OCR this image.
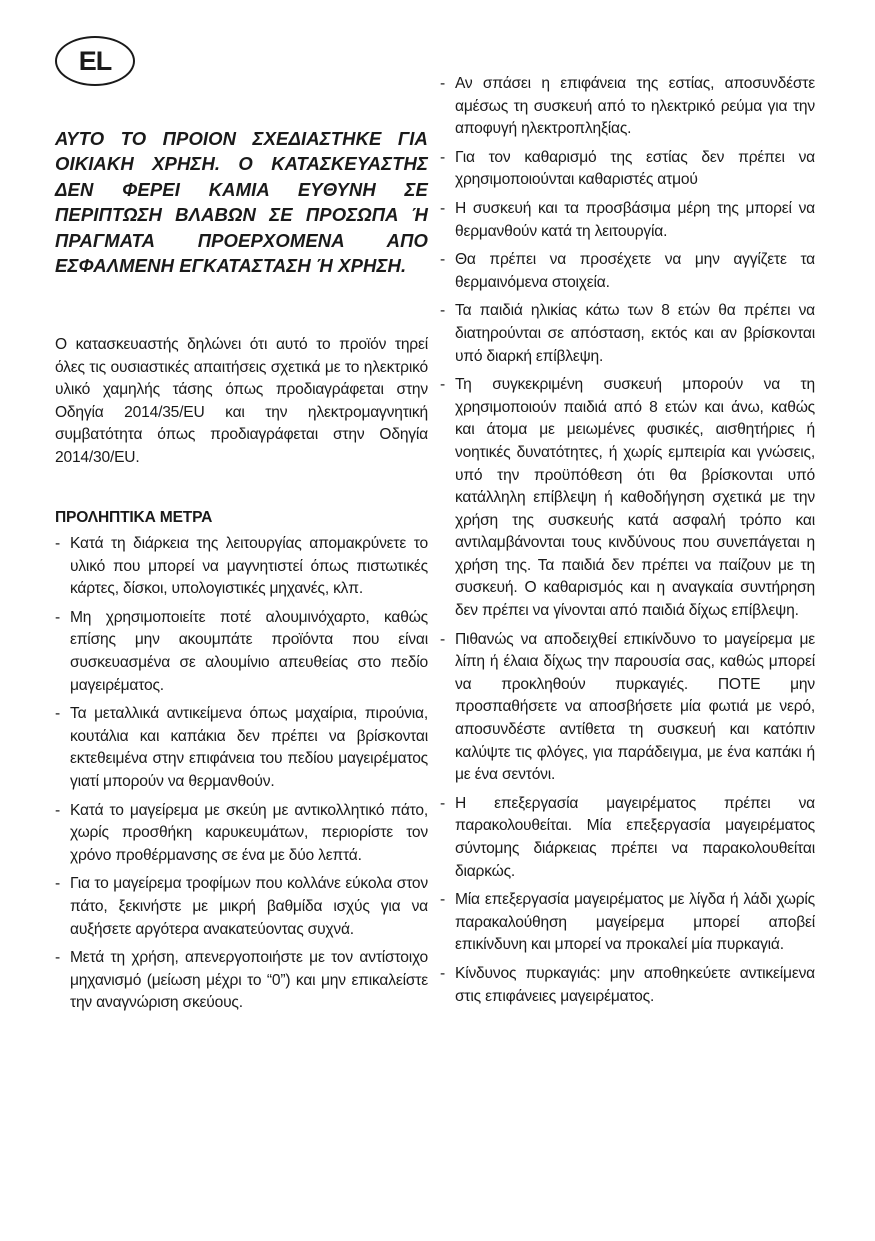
EL

ΑΥΤΟ ΤΟ ΠΡΟΙΟΝ ΣΧΕΔΙΑΣΤΗΚΕ ΓΙΑ ΟΙΚΙΑΚΗ ΧΡΗΣΗ. Ο ΚΑΤΑΣΚΕΥΑΣΤΗΣ ΔΕΝ ΦΕΡΕΙ ΚΑΜΙΑ ΕΥΘΥΝΗ ΣΕ ΠΕΡΙΠΤΩΣΗ ΒΛΑΒΩΝ ΣΕ ΠΡΟΣΩΠΑ Ή ΠΡΑΓΜΑΤΑ ΠΡΟΕΡΧΟΜΕΝΑ ΑΠΟ ΕΣΦΑΛΜΕΝΗ ΕΓΚΑΤΑΣΤΑΣΗ Ή ΧΡΗΣΗ.

Ο κατασκευαστής δηλώνει ότι αυτό το προϊόν τηρεί όλες τις ουσιαστικές απαιτήσεις σχετικά με το ηλεκτρικό υλικό χαμηλής τάσης όπως προδιαγράφεται στην Οδηγία 2014/35/EU και την ηλεκτρομαγνητική συμβατότητα όπως προδιαγράφεται στην Οδηγία 2014/30/EU.

ΠΡΟΛΗΠΤΙΚΑ ΜΕΤΡΑ
- Κατά τη διάρκεια της λειτουργίας απομακρύνετε το υλικό που μπορεί να μαγνητιστεί όπως πιστωτικές κάρτες, δίσκοι, υπολογιστικές μηχανές, κλπ.
- Μη χρησιμοποιείτε ποτέ αλουμινόχαρτο, καθώς επίσης μην ακουμπάτε προϊόντα που είναι συσκευασμένα σε αλουμίνιο απευθείας στο πεδίο μαγειρέματος.
- Τα μεταλλικά αντικείμενα όπως μαχαίρια, πιρούνια, κουτάλια και καπάκια δεν πρέπει να βρίσκονται εκτεθειμένα στην επιφάνεια του πεδίου μαγειρέματος γιατί μπορούν να θερμανθούν.
- Κατά το μαγείρεμα με σκεύη με αντικολλητικό πάτο, χωρίς προσθήκη καρυκευμάτων, περιορίστε τον χρόνο προθέρμανσης σε ένα με δύο λεπτά.
- Για το μαγείρεμα τροφίμων που κολλάνε εύκολα στον πάτο, ξεκινήστε με μικρή βαθμίδα ισχύς για να αυξήσετε αργότερα ανακατεύοντας συχνά.
- Μετά τη χρήση, απενεργοποιήστε με τον αντίστοιχο μηχανισμό (μείωση μέχρι το “0”) και μην επικαλείστε την αναγνώριση σκεύους.
- Αν σπάσει η επιφάνεια της εστίας, αποσυνδέστε αμέσως τη συσκευή από το ηλεκτρικό ρεύμα για την αποφυγή ηλεκτροπληξίας.
- Για τον καθαρισμό της εστίας δεν πρέπει να χρησιμοποιούνται καθαριστές ατμού
- Η συσκευή και τα προσβάσιμα μέρη της μπορεί να θερμανθούν κατά τη λειτουργία.
- Θα πρέπει να προσέχετε να μην αγγίζετε τα θερμαινόμενα στοιχεία.
- Τα παιδιά ηλικίας κάτω των 8 ετών θα πρέπει να διατηρούνται σε απόσταση, εκτός και αν βρίσκονται υπό διαρκή επίβλεψη.
- Τη συγκεκριμένη συσκευή μπορούν να τη χρησιμοποιούν παιδιά από 8 ετών και άνω, καθώς και άτομα με μειωμένες φυσικές, αισθητήριες ή νοητικές δυνατότητες, ή χωρίς εμπειρία και γνώσεις, υπό την προϋπόθεση ότι θα βρίσκονται υπό κατάλληλη επίβλεψη ή καθοδήγηση σχετικά με την χρήση της συσκευής κατά ασφαλή τρόπο και αντιλαμβάνονται τους κινδύνους που συνεπάγεται η χρήση της. Τα παιδιά δεν πρέπει να παίζουν με τη συσκευή. Ο καθαρισμός και η αναγκαία συντήρηση δεν πρέπει να γίνονται από παιδιά δίχως επίβλεψη.
- Πιθανώς να αποδειχθεί επικίνδυνο το μαγείρεμα με λίπη ή έλαια δίχως την παρουσία σας, καθώς μπορεί να προκληθούν πυρκαγιές. ΠΟΤΕ μην προσπαθήσετε να αποσβήσετε μία φωτιά με νερό, αποσυνδέστε αντίθετα τη συσκευή και κατόπιν καλύψτε τις φλόγες, για παράδειγμα, με ένα καπάκι ή με ένα σεντόνι.
- Η επεξεργασία μαγειρέματος πρέπει να παρακολουθείται. Μία επεξεργασία μαγειρέματος σύντομης διάρκειας πρέπει να παρακολουθείται διαρκώς.
- Μία επεξεργασία μαγειρέματος με λίγδα ή λάδι χωρίς παρακαλούθηση μαγείρεμα μπορεί αποβεί επικίνδυνη και μπορεί να προκαλεί μία πυρκαγιά.
- Κίνδυνος πυρκαγιάς: μην αποθηκεύετε αντικείμενα στις επιφάνειες μαγειρέματος.
